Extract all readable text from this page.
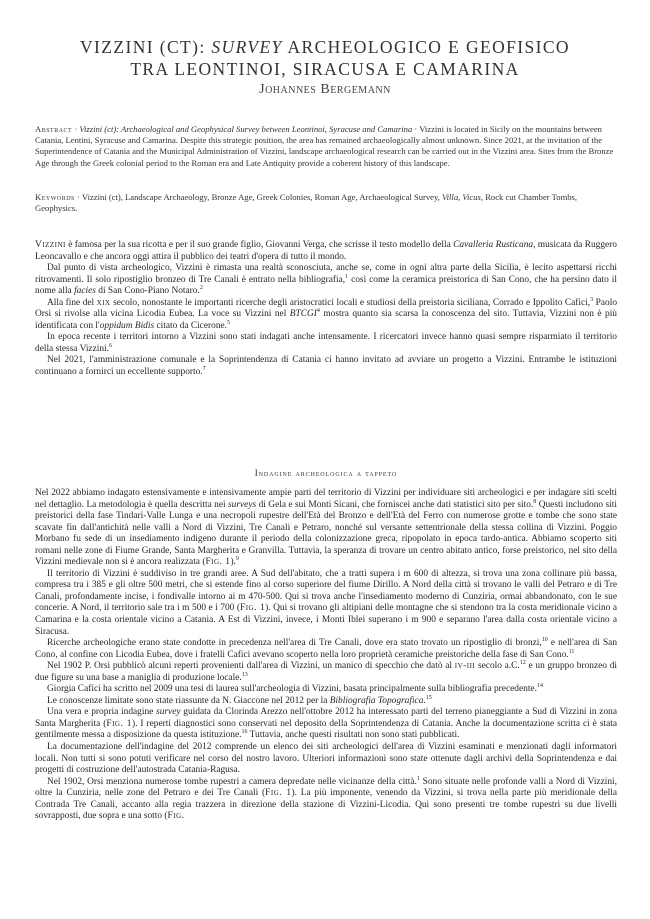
VIZZINI (CT): SURVEY ARCHEOLOGICO E GEOFISICO
TRA LEONTINOI, SIRACUSA E CAMARINA
Johannes Bergemann

Abstract · Vizzini (ct): Archaeological and Geophysical Survey between Leontinoi, Syracuse and Camarina · Vizzini is located in Sicily on the mountains between Catania, Lentini, Syracuse and Camarina. Despite this strategic position, the area has remained archaeologically almost unknown. Since 2021, at the invitation of the Superintendence of Catania and the Municipal Administration of Vizzini, landscape archaeological research can be carried out in the Vizzini area. Sites from the Bronze Age through the Greek colonial period to the Roman era and Late Antiquity provide a coherent history of this landscape.

Keywords · Vizzini (ct), Landscape Archaeology, Bronze Age, Greek Colonies, Roman Age, Archaeological Survey, Villa, Vicus, Rock cut Chamber Tombs, Geophysics.

Vizzini è famosa per la sua ricotta e per il suo grande figlio, Giovanni Verga, che scrisse il testo modello della Cavalleria Rusticana, musicata da Ruggero Leoncavallo e che ancora oggi attira il pubblico dei teatri d'opera di tutto il mondo.
Dal punto di vista archeologico, Vizzini è rimasta una realtà sconosciuta, anche se, come in ogni altra parte della Sicilia, è lecito aspettarsi ricchi ritrovamenti. Il solo ripostiglio bronzeo di Tre Canali è entrato nella bibliografia,$^1$ così come la ceramica preistorica di San Cono, che ha persino dato il nome alla facies di San Cono-Piano Notaro.$^2$
Alla fine del xix secolo, nonostante le importanti ricerche degli aristocratici locali e studiosi della preistoria siciliana, Corrado e Ippolito Cafici,$^3$ Paolo Orsi si rivolse alla vicina Licodia Eubea. La voce su Vizzini nel BTCGI$^4$ mostra quanto sia scarsa la conoscenza del sito. Tuttavia, Vizzini non è più identificata con l'oppidum Bidis citato da Cicerone.$^5$
In epoca recente i territori intorno a Vizzini sono stati indagati anche intensamente. I ricercatori invece hanno quasi sempre risparmiato il territorio della stessa Vizzini.$^6$
Nel 2021, l'amministrazione comunale e la Soprintendenza di Catania ci hanno invitato ad avviare un progetto a Vizzini. Entrambe le istituzioni continuano a fornirci un eccellente supporto.$^7$
Indagine archeologica a tappeto
Nel 2022 abbiamo indagato estensivamente e intensivamente ampie parti del territorio di Vizzini per individuare siti archeologici e per indagare siti scelti nel dettaglio. La metodologia è quella descritta nei surveys di Gela e sui Monti Sicani, che forniscei anche dati statistici sito per sito.$^8$ Questi includono siti preistorici della fase Tindari-Valle Lunga e una necropoli rupestre dell'Età del Bronzo e dell'Età del Ferro con numerose grotte e tombe che sono state scavate fin dall'antichità nelle valli a Nord di Vizzini, Tre Canali e Petraro, nonché sul versante settentrionale della stessa collina di Vizzini. Poggio Morbano fu sede di un insediamento indigeno durante il periodo della colonizzazione greca, ripopolato in epoca tardo-antica. Abbiamo scoperto siti romani nelle zone di Fiume Grande, Santa Margherita e Granvilla. Tuttavia, la speranza di trovare un centro abitato antico, forse preistorico, nel sito della Vizzini medievale non si è ancora realizzata (Fig. 1).$^9$
Il territorio di Vizzini è suddiviso in tre grandi aree. A Sud dell'abitato, che a tratti supera i m 600 di altezza, si trova una zona collinare più bassa, compresa tra i 385 e gli oltre 500 metri, che si estende fino al corso superiore del fiume Dirillo. A Nord della città si trovano le valli del Petraro e di Tre Canali, profondamente incise, i fondivalle intorno ai m 470-500. Qui si trova anche l'insediamento moderno di Cunziria, ormai abbandonato, con le sue concerie. A Nord, il territorio sale tra i m 500 e i 700 (Fig. 1). Qui si trovano gli altipiani delle montagne che si stendono tra la costa meridionale vicino a Camarina e la costa orientale vicino a Catania. A Est di Vizzini, invece, i Monti Iblei superano i m 900 e separano l'area dalla costa orientale vicino a Siracusa.
Ricerche archeologiche erano state condotte in precedenza nell'area di Tre Canali, dove era stato trovato un ripostiglio di bronzi,$^{10}$ e nell'area di San Cono, al confine con Licodia Eubea, dove i fratelli Cafici avevano scoperto nella loro proprietà ceramiche preistoriche della fase di San Cono.$^{11}$
Nel 1902 P. Orsi pubblicò alcuni reperti provenienti dall'area di Vizzini, un manico di specchio che datò al iv-iii secolo a.C.$^{12}$ e un gruppo bronzeo di due figure su una base a maniglia di produzione locale.$^{13}$
Giorgia Cafici ha scritto nel 2009 una tesi di laurea sull'archeologia di Vizzini, basata principalmente sulla bibliografia precedente.$^{14}$
Le conoscenze limitate sono state riassunte da N. Giaccone nel 2012 per la Bibliografia Topografica.$^{15}$
Una vera e propria indagine survey guidata da Clorinda Arezzo nell'ottobre 2012 ha interessato parti del terreno pianeggiante a Sud di Vizzini in zona Santa Margherita (Fig. 1). I reperti diagnostici sono conservati nel deposito della Soprintendenza di Catania. Anche la documentazione scritta ci è stata gentilmente messa a disposizione da questa istituzione.$^{16}$ Tuttavia, anche questi risultati non sono stati pubblicati.
La documentazione dell'indagine del 2012 comprende un elenco dei siti archeologici dell'area di Vizzini esaminati e menzionati dagli informatori locali. Non tutti si sono potuti verificare nel corso del nostro lavoro. Ulteriori informazioni sono state ottenute dagli archivi della Soprintendenza e dai progetti di costruzione dell'autostrada Catania-Ragusa.
Nel 1902, Orsi menziona numerose tombe rupestri a camera depredate nelle vicinanze della città.$^1$ Sono situate nelle profonde valli a Nord di Vizzini, oltre la Cunziria, nelle zone del Petraro e dei Tre Canali (Fig. 1). La più imponente, venendo da Vizzini, si trova nella parte più meridionale della Contrada Tre Canali, accanto alla regia trazzera in direzione della stazione di Vizzini-Licodia. Qui sono presenti tre tombe rupestri su due livelli sovrapposti, due sopra e una sotto (Fig.
